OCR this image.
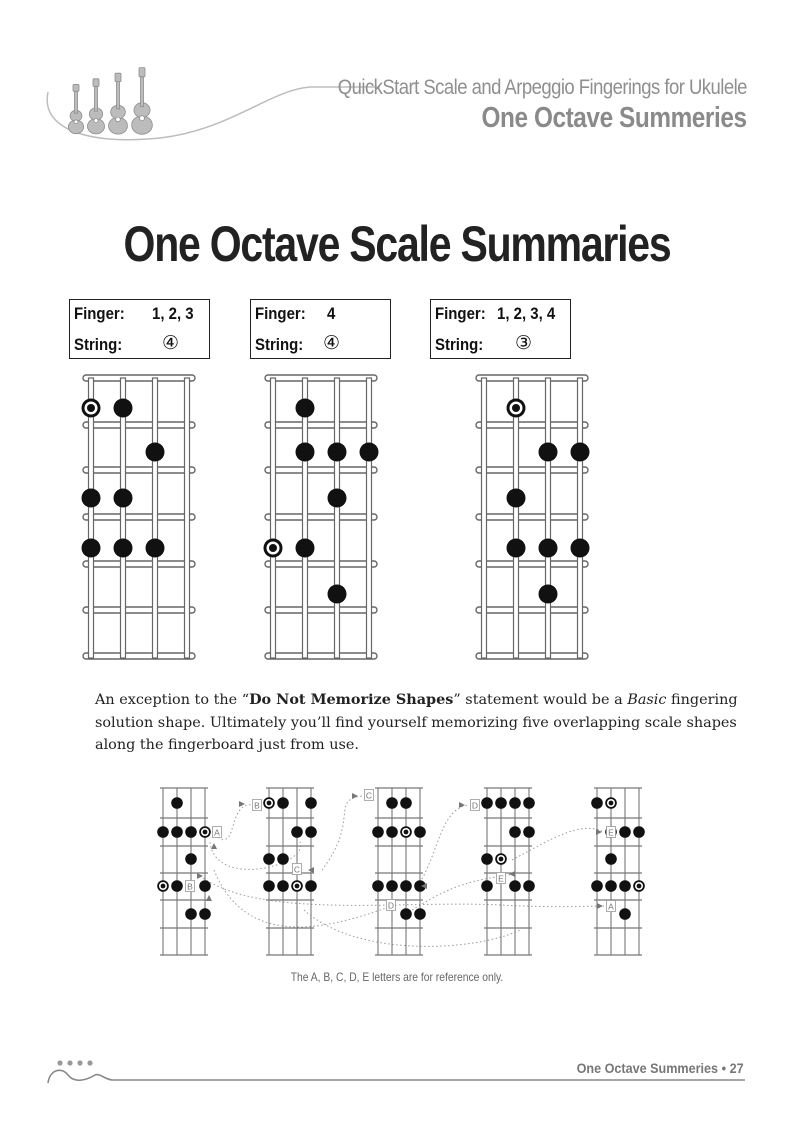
QuickStart Scale and Arpeggio Fingerings for Ukulele
One Octave Summeries
One Octave Scale Summaries
Finger: 1, 2, 3
String: ④
Finger: 4
String: ④
Finger: 1, 2, 3, 4
String: ③

An exception to the “Do Not Memorize Shapes” statement would be a Basic fingering solution shape. Ultimately you’ll find yourself memorizing five overlapping scale shapes along the fingerboard just from use.

A
B
B
C
C
D
D
E
E
A
The A, B, C, D, E letters are for reference only.
One Octave Summeries • 27
